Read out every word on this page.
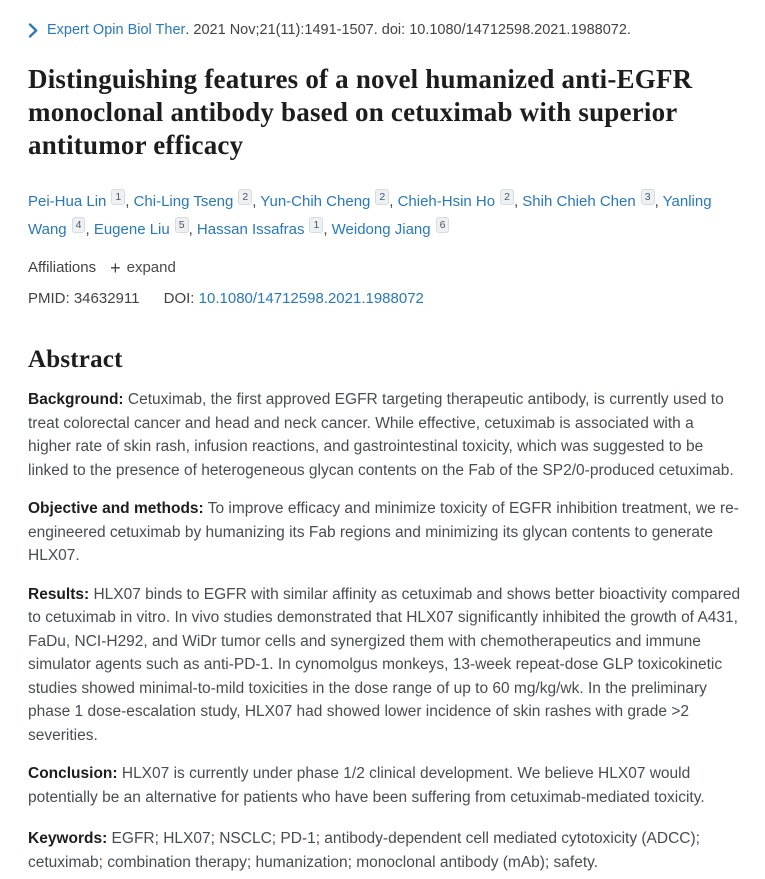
Expert Opin Biol Ther. 2021 Nov;21(11):1491-1507. doi: 10.1080/14712598.2021.1988072.
Distinguishing features of a novel humanized anti-EGFR monoclonal antibody based on cetuximab with superior antitumor efficacy
Pei-Hua Lin 1 , Chi-Ling Tseng 2 , Yun-Chih Cheng 2 , Chieh-Hsin Ho 2 , Shih Chieh Chen 3 , Yanling Wang 4 , Eugene Liu 5 , Hassan Issafras 1 , Weidong Jiang 6
Affiliations + expand
PMID: 34632911 DOI: 10.1080/14712598.2021.1988072
Abstract

Background: Cetuximab, the first approved EGFR targeting therapeutic antibody, is currently used to treat colorectal cancer and head and neck cancer. While effective, cetuximab is associated with a higher rate of skin rash, infusion reactions, and gastrointestinal toxicity, which was suggested to be linked to the presence of heterogeneous glycan contents on the Fab of the SP2/0-produced cetuximab.

Objective and methods: To improve efficacy and minimize toxicity of EGFR inhibition treatment, we re-engineered cetuximab by humanizing its Fab regions and minimizing its glycan contents to generate HLX07.

Results: HLX07 binds to EGFR with similar affinity as cetuximab and shows better bioactivity compared to cetuximab in vitro. In vivo studies demonstrated that HLX07 significantly inhibited the growth of A431, FaDu, NCI-H292, and WiDr tumor cells and synergized them with chemotherapeutics and immune simulator agents such as anti-PD-1. In cynomolgus monkeys, 13-week repeat-dose GLP toxicokinetic studies showed minimal-to-mild toxicities in the dose range of up to 60 mg/kg/wk. In the preliminary phase 1 dose-escalation study, HLX07 had showed lower incidence of skin rashes with grade >2 severities.

Conclusion: HLX07 is currently under phase 1/2 clinical development. We believe HLX07 would potentially be an alternative for patients who have been suffering from cetuximab-mediated toxicity.

Keywords: EGFR; HLX07; NSCLC; PD-1; antibody-dependent cell mediated cytotoxicity (ADCC); cetuximab; combination therapy; humanization; monoclonal antibody (mAb); safety.
